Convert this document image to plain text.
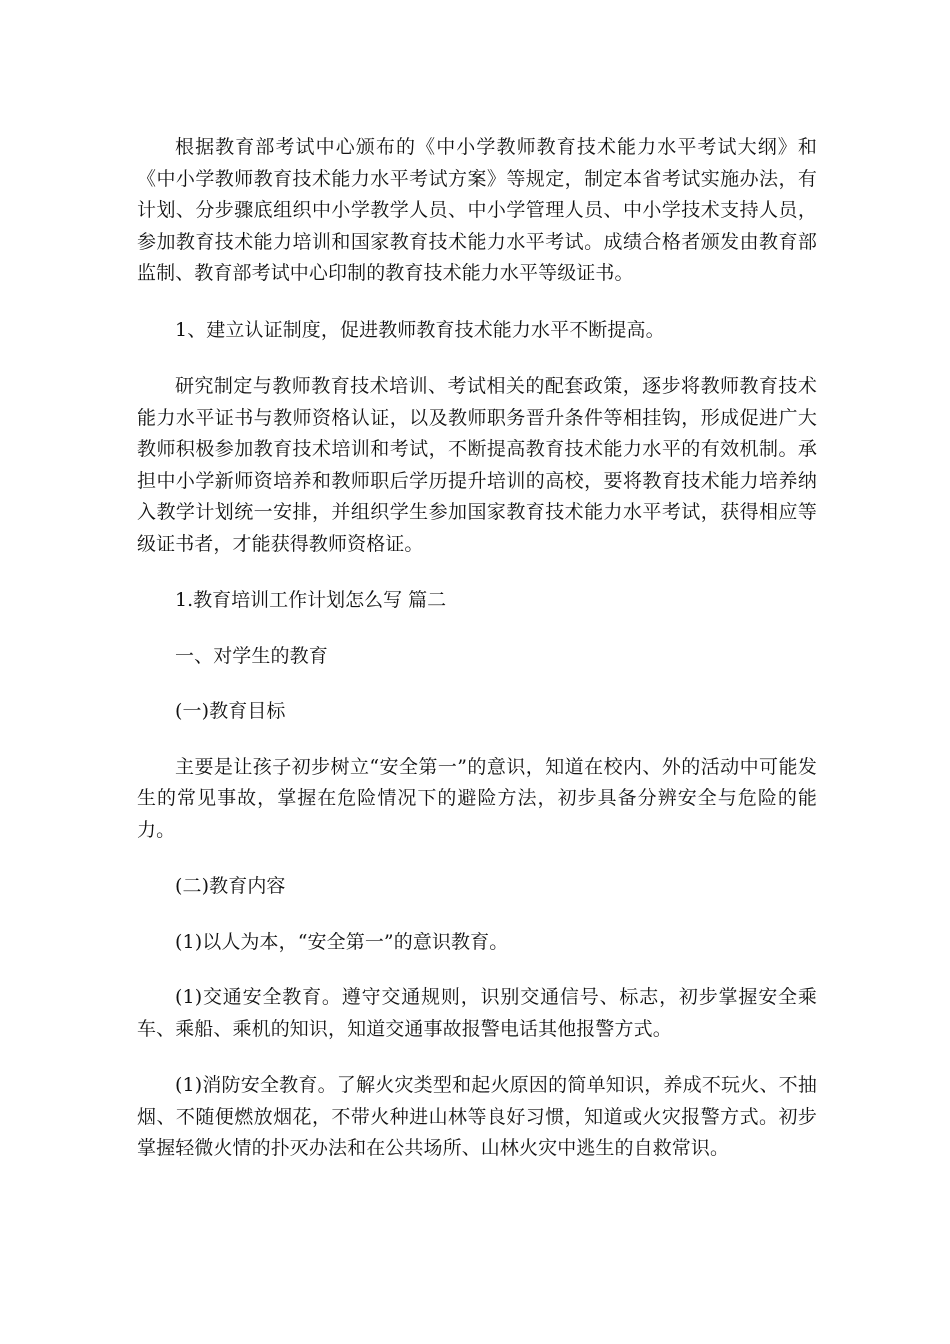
根据教育部考试中心颁布的《中小学教师教育技术能力水平考试大纲》和《中小学教师教育技术能力水平考试方案》等规定，制定本省考试实施办法，有计划、分步骤底组织中小学教学人员、中小学管理人员、中小学技术支持人员，参加教育技术能力培训和国家教育技术能力水平考试。成绩合格者颁发由教育部监制、教育部考试中心印制的教育技术能力水平等级证书。

1、建立认证制度，促进教师教育技术能力水平不断提高。

研究制定与教师教育技术培训、考试相关的配套政策，逐步将教师教育技术能力水平证书与教师资格认证，以及教师职务晋升条件等相挂钩，形成促进广大教师积极参加教育技术培训和考试，不断提高教育技术能力水平的有效机制。承担中小学新师资培养和教师职后学历提升培训的高校，要将教育技术能力培养纳入教学计划统一安排，并组织学生参加国家教育技术能力水平考试，获得相应等级证书者，才能获得教师资格证。

1.教育培训工作计划怎么写 篇二

一、对学生的教育

(一)教育目标

主要是让孩子初步树立“安全第一”的意识，知道在校内、外的活动中可能发生的常见事故，掌握在危险情况下的避险方法，初步具备分辨安全与危险的能力。

(二)教育内容

(1)以人为本，“安全第一”的意识教育。

(1)交通安全教育。遵守交通规则，识别交通信号、标志，初步掌握安全乘车、乘船、乘机的知识，知道交通事故报警电话其他报警方式。

(1)消防安全教育。了解火灾类型和起火原因的简单知识，养成不玩火、不抽烟、不随便燃放烟花，不带火种进山林等良好习惯，知道或火灾报警方式。初步掌握轻微火情的扑灭办法和在公共场所、山林火灾中逃生的自救常识。
